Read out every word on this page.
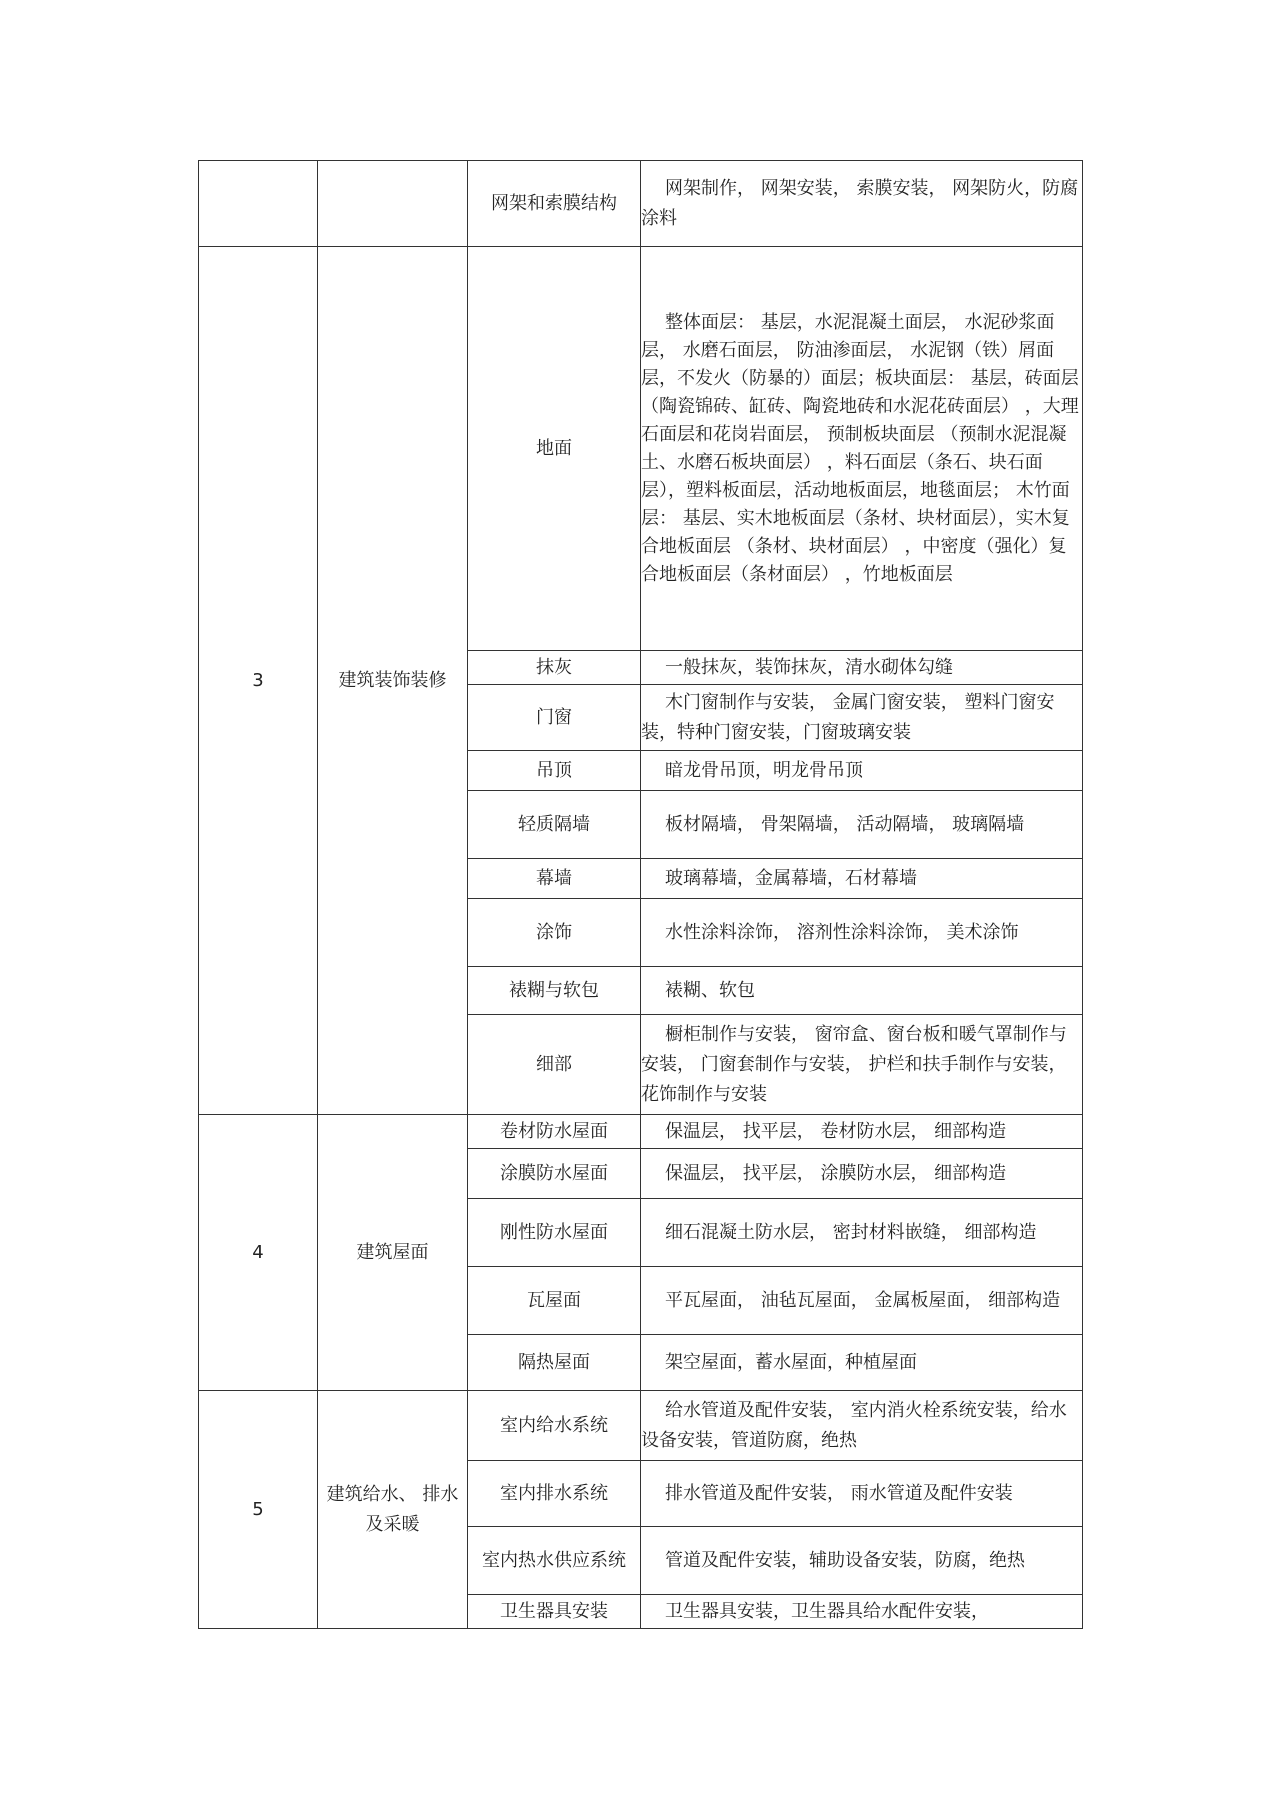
		网架和索膜结构	网架制作， 网架安装， 索膜安装， 网架防火，防腐涂料
3	建筑装饰装修	地面	整体面层： 基层，水泥混凝土面层， 水泥砂浆面层， 水磨石面层， 防油渗面层， 水泥钢（铁）屑面层，不发火（防暴的）面层；板块面层： 基层，砖面层 （陶瓷锦砖、缸砖、陶瓷地砖和水泥花砖面层） ，大理石面层和花岗岩面层， 预制板块面层 （预制水泥混凝土、水磨石板块面层） ，料石面层（条石、块石面层），塑料板面层，活动地板面层，地毯面层； 木竹面层： 基层、实木地板面层（条材、块材面层），实木复合地板面层 （条材、块材面层） ，中密度（强化）复合地板面层（条材面层） ，竹地板面层
		抹灰	一般抹灰，装饰抹灰，清水砌体勾缝
		门窗	木门窗制作与安装， 金属门窗安装， 塑料门窗安装，特种门窗安装，门窗玻璃安装
		吊顶	暗龙骨吊顶，明龙骨吊顶
		轻质隔墙	板材隔墙， 骨架隔墙， 活动隔墙， 玻璃隔墙
		幕墙	玻璃幕墙，金属幕墙，石材幕墙
		涂饰	水性涂料涂饰， 溶剂性涂料涂饰， 美术涂饰
		裱糊与软包	裱糊、软包
		细部	橱柜制作与安装， 窗帘盒、窗台板和暖气罩制作与安装， 门窗套制作与安装， 护栏和扶手制作与安装，花饰制作与安装
4	建筑屋面	卷材防水屋面	保温层， 找平层， 卷材防水层， 细部构造
		涂膜防水屋面	保温层， 找平层， 涂膜防水层， 细部构造
		刚性防水屋面	细石混凝土防水层， 密封材料嵌缝， 细部构造
		瓦屋面	平瓦屋面， 油毡瓦屋面， 金属板屋面， 细部构造
		隔热屋面	架空屋面，蓄水屋面，种植屋面
5	建筑给水、 排水及采暖	室内给水系统	给水管道及配件安装， 室内消火栓系统安装，给水设备安装，管道防腐，绝热
		室内排水系统	排水管道及配件安装， 雨水管道及配件安装
		室内热水供应系统	管道及配件安装，辅助设备安装，防腐，绝热
		卫生器具安装	卫生器具安装，卫生器具给水配件安装，
